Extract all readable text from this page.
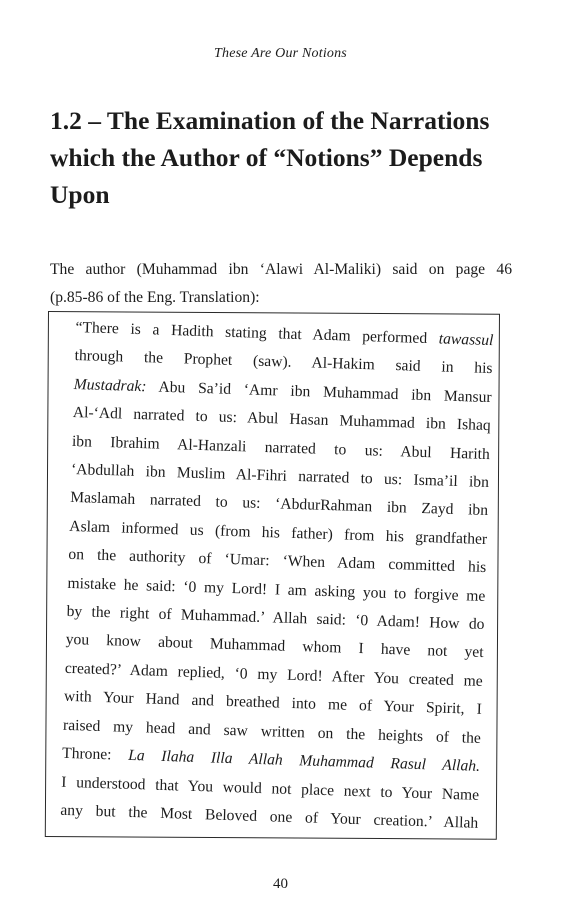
These Are Our Notions
1.2 – The Examination of the Narrations
which the Author of “Notions” Depends
Upon
The author (Muhammad ibn ‘Alawi Al-Maliki) said on page 46
(p.85-86 of the Eng. Translation):
“There is a Hadith stating that Adam performed tawassul
through the Prophet (saw). Al-Hakim said in his
Mustadrak: Abu Sa’id ‘Amr ibn Muhammad ibn Mansur
Al-‘Adl narrated to us: Abul Hasan Muhammad ibn Ishaq
ibn Ibrahim Al-Hanzali narrated to us: Abul Harith
‘Abdullah ibn Muslim Al-Fihri narrated to us: Isma’il ibn
Maslamah narrated to us: ‘AbdurRahman ibn Zayd ibn
Aslam informed us (from his father) from his grandfather
on the authority of ‘Umar: ‘When Adam committed his
mistake he said: ‘0 my Lord! I am asking you to forgive me
by the right of Muhammad.’ Allah said: ‘0 Adam! How do
you know about Muhammad whom I have not yet
created?’ Adam replied, ‘0 my Lord! After You created me
with Your Hand and breathed into me of Your Spirit, I
raised my head and saw written on the heights of the
Throne: La Ilaha Illa Allah Muhammad Rasul Allah.
I understood that You would not place next to Your Name
any but the Most Beloved one of Your creation.’ Allah
40
